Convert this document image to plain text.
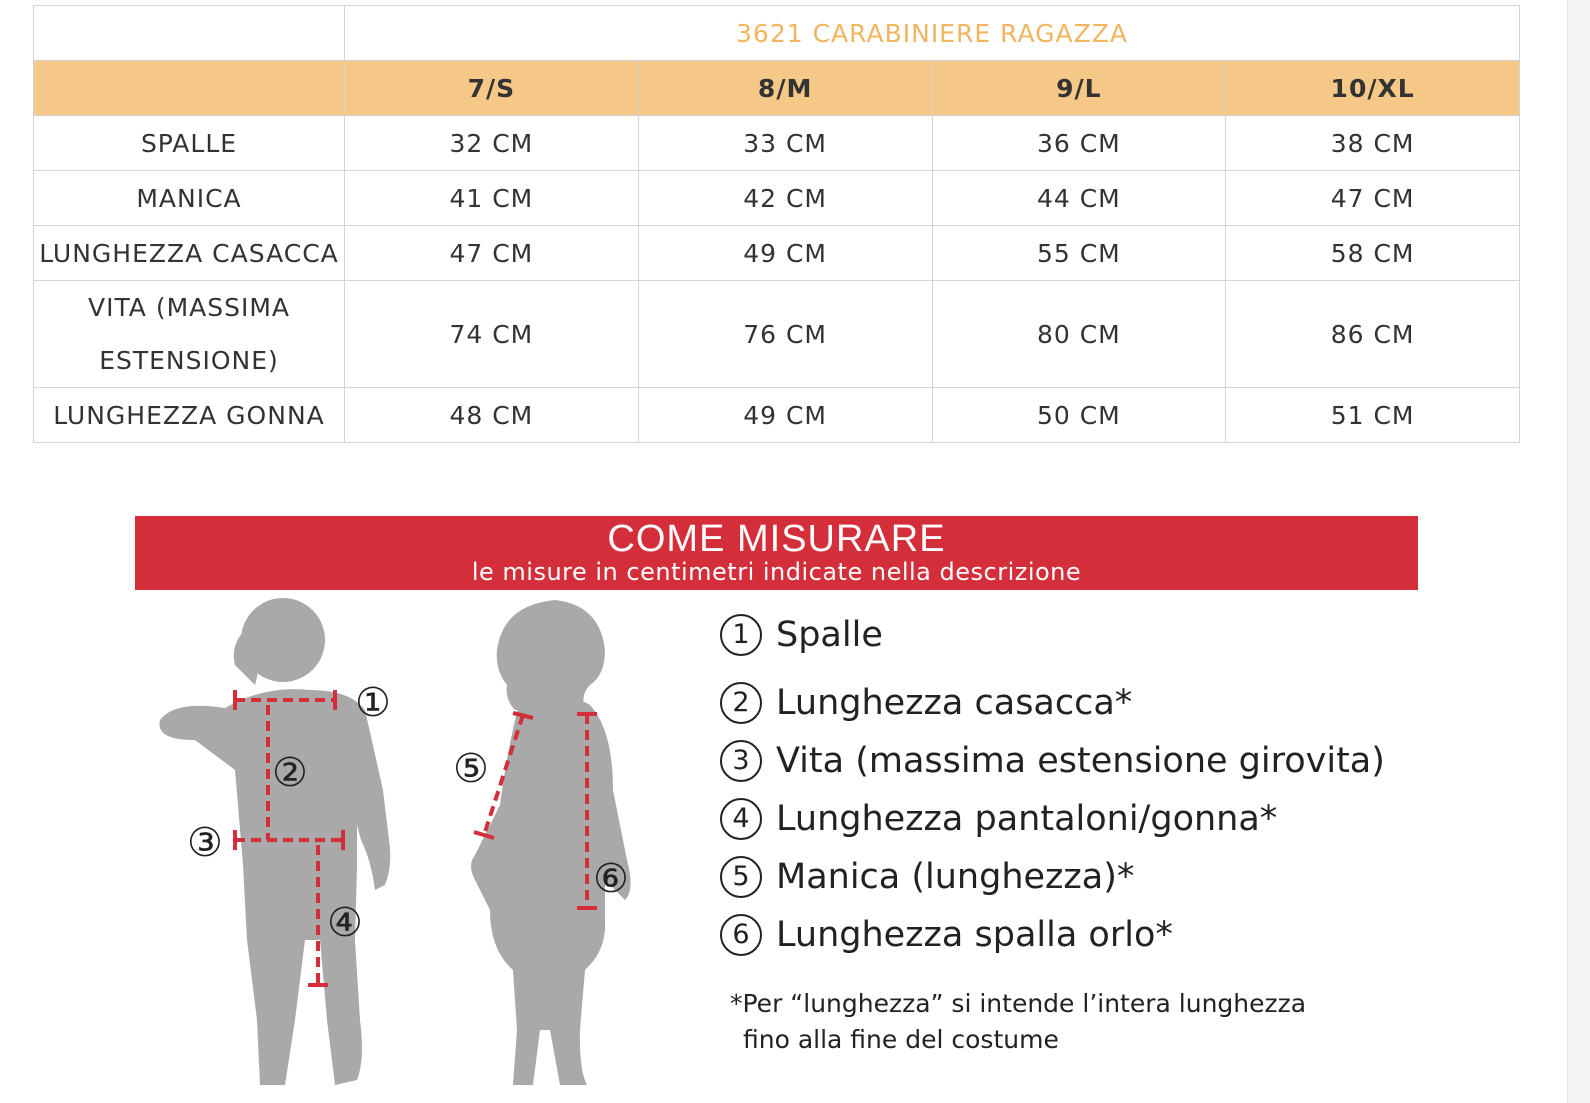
	3621 CARABINIERE RAGAZZA			
	7/S	8/M	9/L	10/XL
SPALLE	32 CM	33 CM	36 CM	38 CM
MANICA	41 CM	42 CM	44 CM	47 CM
LUNGHEZZA CASACCA	47 CM	49 CM	55 CM	58 CM
VITA (MASSIMA ESTENSIONE)	74 CM	76 CM	80 CM	86 CM
LUNGHEZZA GONNA	48 CM	49 CM	50 CM	51 CM
COME MISURARE
le misure in centimetri indicate nella descrizione
①
②
③
④
⑤
⑥
1 Spalle
2 Lunghezza casacca*
3 Vita (massima estensione girovita)
4 Lunghezza pantaloni/gonna*
5 Manica (lunghezza)*
6 Lunghezza spalla orlo*
*Per “lunghezza” si intende l’intera lunghezza
fino alla fine del costume
